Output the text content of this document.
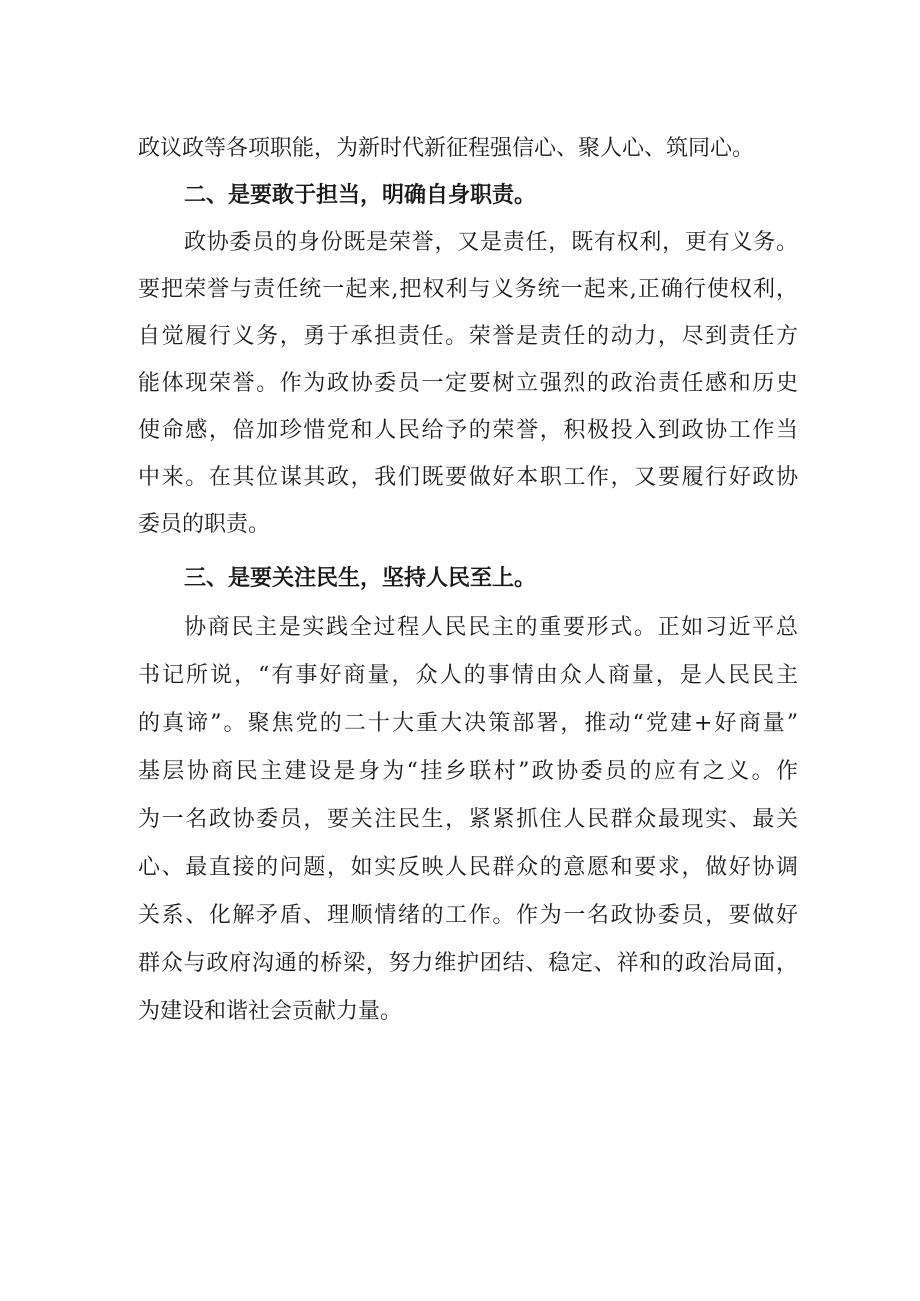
政议政等各项职能，为新时代新征程强信心、聚人心、筑同心。
二、是要敢于担当，明确自身职责。
政协委员的身份既是荣誉，又是责任，既有权利，更有义务。
要把荣誉与责任统一起来,把权利与义务统一起来,正确行使权利，
自觉履行义务，勇于承担责任。荣誉是责任的动力，尽到责任方
能体现荣誉。作为政协委员一定要树立强烈的政治责任感和历史
使命感，倍加珍惜党和人民给予的荣誉，积极投入到政协工作当
中来。在其位谋其政，我们既要做好本职工作，又要履行好政协
委员的职责。
三、是要关注民生，坚持人民至上。
协商民主是实践全过程人民民主的重要形式。正如习近平总
书记所说，“有事好商量，众人的事情由众人商量，是人民民主
的真谛”。聚焦党的二十大重大决策部署，推动“党建+好商量”
基层协商民主建设是身为“挂乡联村”政协委员的应有之义。作
为一名政协委员，要关注民生，紧紧抓住人民群众最现实、最关
心、最直接的问题，如实反映人民群众的意愿和要求，做好协调
关系、化解矛盾、理顺情绪的工作。作为一名政协委员，要做好
群众与政府沟通的桥梁，努力维护团结、稳定、祥和的政治局面，
为建设和谐社会贡献力量。
